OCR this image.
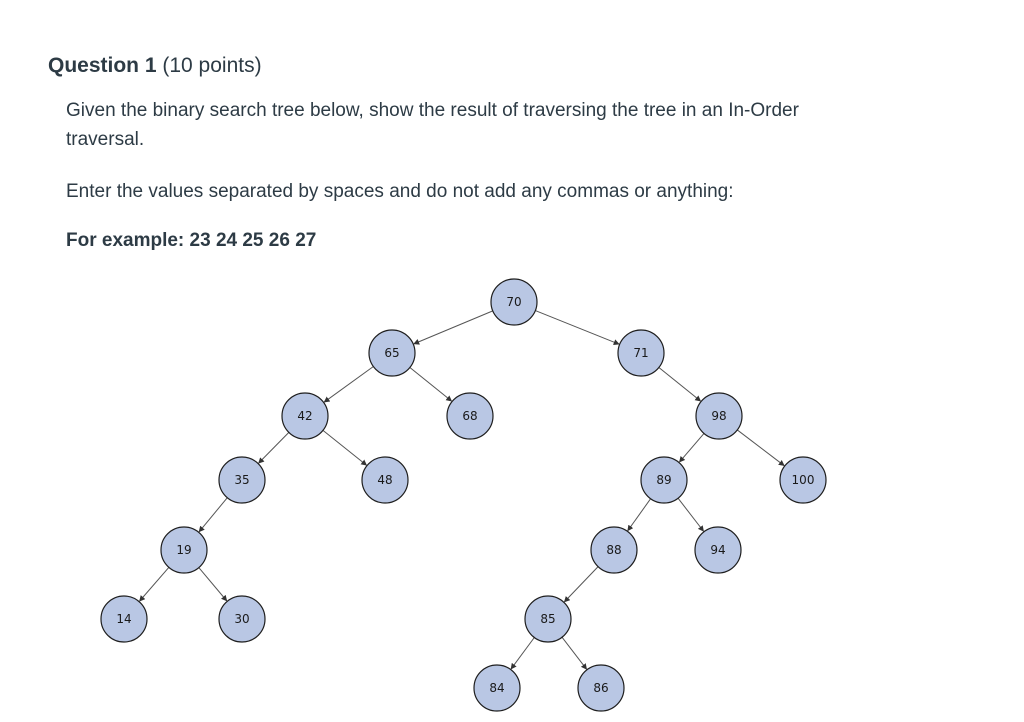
Question 1 (10 points)

Given the binary search tree below, show the result of traversing the tree in an In-Order traversal.

Enter the values separated by spaces and do not add any commas or anything:

For example: 23 24 25 26 27

70
65	71
42	68	98
35	48	89	100
19	88	94
14	30	85
84	86
